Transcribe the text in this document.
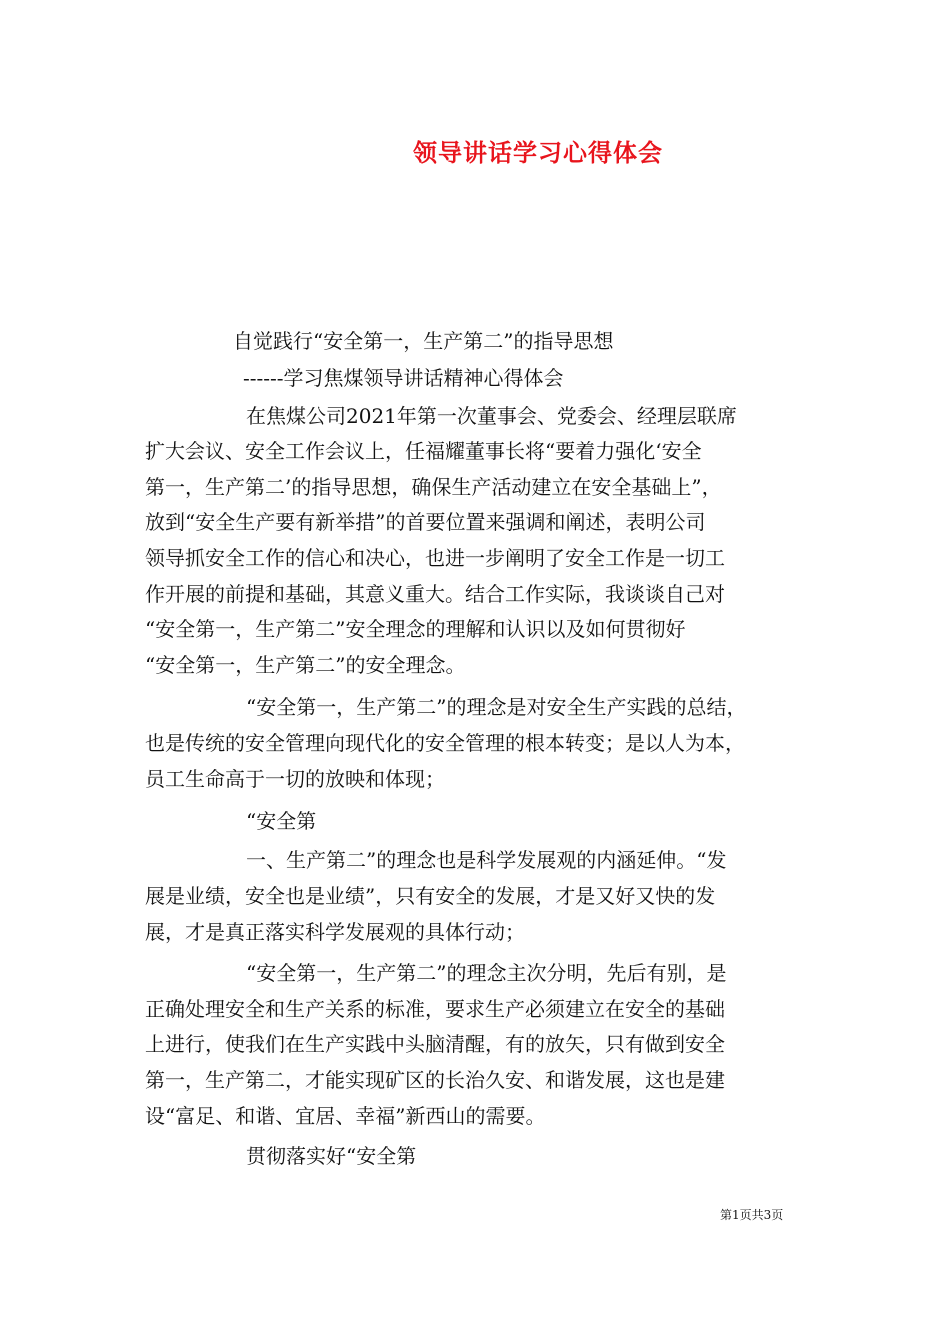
领导讲话学习心得体会
自觉践行“安全第一，生产第二”的指导思想
------学习焦煤领导讲话精神心得体会
在焦煤公司2021年第一次董事会、党委会、经理层联席
扩大会议、安全工作会议上，任福耀董事长将“要着力强化‘安全
第一，生产第二’的指导思想，确保生产活动建立在安全基础上”，
放到“安全生产要有新举措”的首要位置来强调和阐述，表明公司
领导抓安全工作的信心和决心，也进一步阐明了安全工作是一切工
作开展的前提和基础，其意义重大。结合工作实际，我谈谈自己对
“安全第一，生产第二”安全理念的理解和认识以及如何贯彻好
“安全第一，生产第二”的安全理念。
“安全第一，生产第二”的理念是对安全生产实践的总结，
也是传统的安全管理向现代化的安全管理的根本转变；是以人为本，
员工生命高于一切的放映和体现；
“安全第
一、生产第二”的理念也是科学发展观的内涵延伸。“发
展是业绩，安全也是业绩”，只有安全的发展，才是又好又快的发
展，才是真正落实科学发展观的具体行动；
“安全第一，生产第二”的理念主次分明，先后有别，是
正确处理安全和生产关系的标准，要求生产必须建立在安全的基础
上进行，使我们在生产实践中头脑清醒，有的放矢，只有做到安全
第一，生产第二，才能实现矿区的长治久安、和谐发展，这也是建
设“富足、和谐、宜居、幸福”新西山的需要。
贯彻落实好“安全第
第1页共3页
